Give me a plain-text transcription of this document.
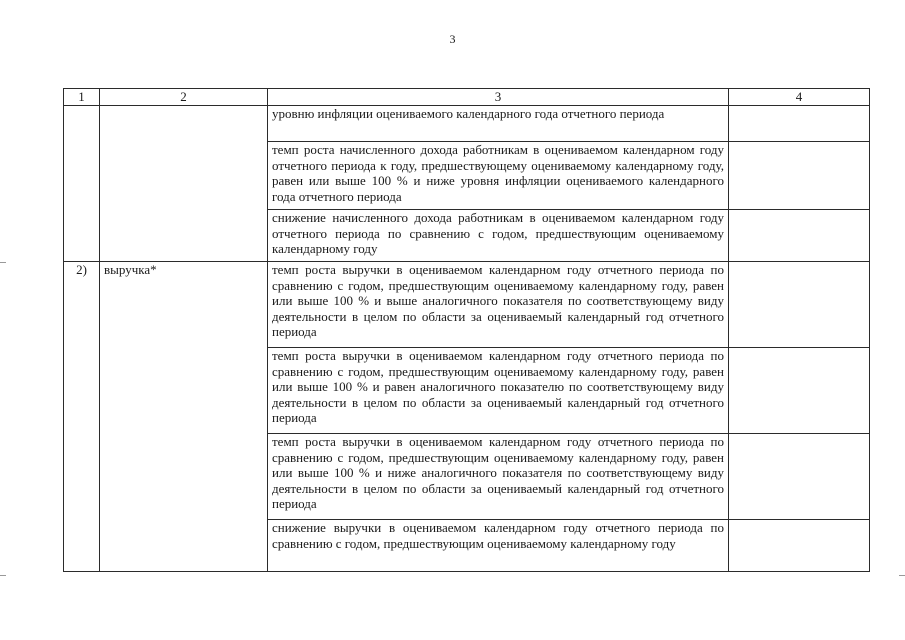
3
1	2	3	4
		уровню инфляции оцениваемого календарного года отчетного периода	
		темп роста начисленного дохода работникам в оцениваемом календарном году отчетного периода к году, предшествующему оцениваемому календарному году, равен или выше 100 % и ниже уровня инфляции оцениваемого календарного года отчетного периода	
		снижение начисленного дохода работникам в оцениваемом календарном году отчетного периода по сравнению с годом, предшествующим оцениваемому календарному году	
2)	выручка*	темп роста выручки в оцениваемом календарном году отчетного периода по сравнению с годом, предшествующим оцениваемому календарному году, равен или выше 100 % и выше аналогичного показателя по соответствующему виду деятельности в целом по области за оцениваемый календарный год отчетного периода	
		темп роста выручки в оцениваемом календарном году отчетного периода по сравнению с годом, предшествующим оцениваемому календарному году, равен или выше 100 % и равен аналогичного показателю по соответствующему виду деятельности в целом по области за оцениваемый календарный год отчетного периода	
		темп роста выручки в оцениваемом календарном году отчетного периода по сравнению с годом, предшествующим оцениваемому календарному году, равен или выше 100 % и ниже аналогичного показателя по соответствующему виду деятельности в целом по области за оцениваемый календарный год отчетного периода	
		снижение выручки в оцениваемом календарном году отчетного периода по сравнению с годом, предшествующим оцениваемому календарному году	
